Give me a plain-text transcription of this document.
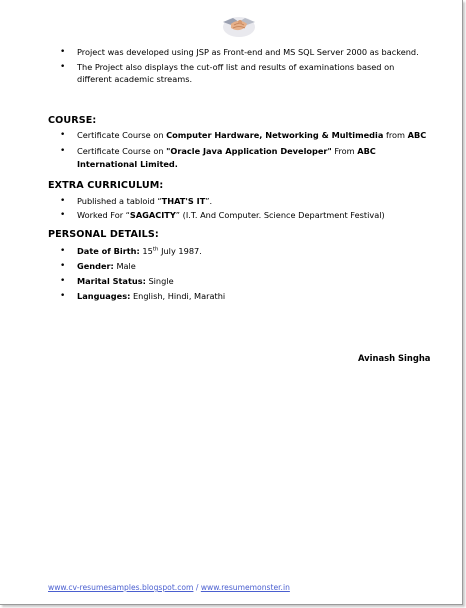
Project was developed using JSP as Front-end and MS SQL Server 2000 as backend.
The Project also displays the cut-off list and results of examinations based on
different academic streams.
COURSE:
Certificate Course on Computer Hardware, Networking & Multimedia from ABC
Certificate Course on "Oracle Java Application Developer" From ABC
International Limited.
EXTRA CURRICULUM:
Published a tabloid “THAT'S IT”.
Worked For “SAGACITY” (I.T. And Computer. Science Department Festival)
PERSONAL DETAILS:
Date of Birth: 15th July 1987.
Gender: Male
Marital Status: Single
Languages: English, Hindi, Marathi
Avinash Singha
www.cv-resumesamples.blogspot.com / www.resumemonster.in
